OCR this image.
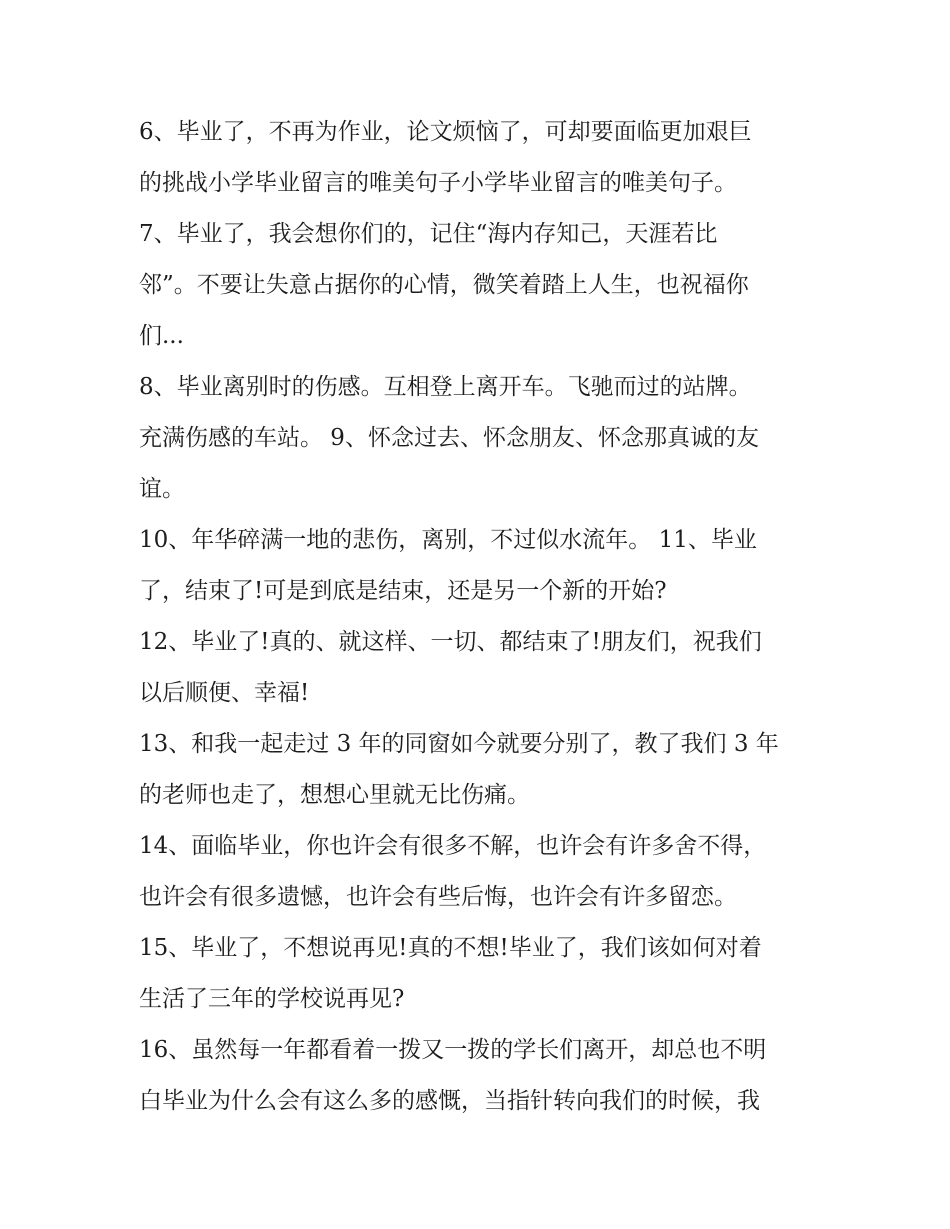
6、毕业了，不再为作业，论文烦恼了，可却要面临更加艰巨
的挑战小学毕业留言的唯美句子小学毕业留言的唯美句子。
7、毕业了，我会想你们的，记住“海内存知己，天涯若比
邻”。不要让失意占据你的心情，微笑着踏上人生，也祝福你
们...
8、毕业离别时的伤感。互相登上离开车。飞驰而过的站牌。
充满伤感的车站。 9、怀念过去、怀念朋友、怀念那真诚的友
谊。
10、年华碎满一地的悲伤，离别，不过似水流年。 11、毕业
了，结束了!可是到底是结束，还是另一个新的开始?
12、毕业了!真的、就这样、一切、都结束了!朋友们，祝我们
以后顺便、幸福!
13、和我一起走过 3 年的同窗如今就要分别了，教了我们 3 年
的老师也走了，想想心里就无比伤痛。
14、面临毕业，你也许会有很多不解，也许会有许多舍不得，
也许会有很多遗憾，也许会有些后悔，也许会有许多留恋。
15、毕业了，不想说再见!真的不想!毕业了，我们该如何对着
生活了三年的学校说再见?
16、虽然每一年都看着一拨又一拨的学长们离开，却总也不明
白毕业为什么会有这么多的感慨，当指针转向我们的时候，我
